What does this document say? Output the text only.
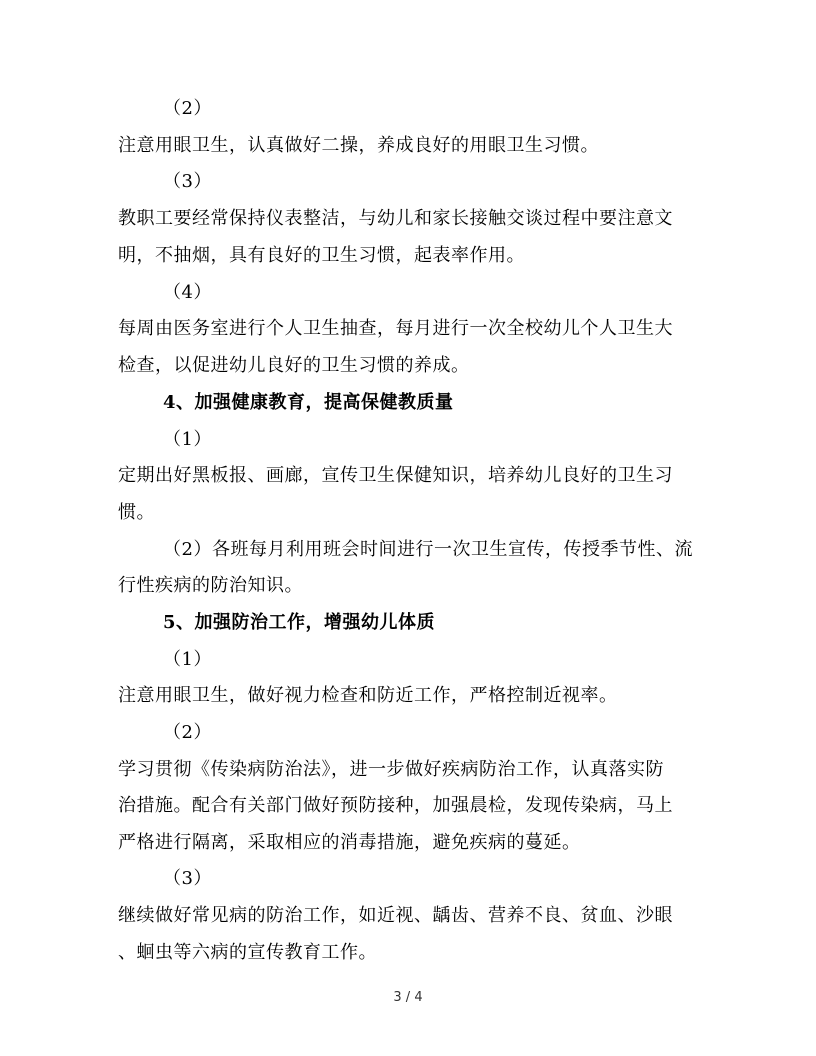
（2）
注意用眼卫生，认真做好二操，养成良好的用眼卫生习惯。
（3）
教职工要经常保持仪表整洁，与幼儿和家长接触交谈过程中要注意文
明，不抽烟，具有良好的卫生习惯，起表率作用。
（4）
每周由医务室进行个人卫生抽查，每月进行一次全校幼儿个人卫生大
检查，以促进幼儿良好的卫生习惯的养成。
4、加强健康教育，提高保健教质量
（1）
定期出好黑板报、画廊，宣传卫生保健知识，培养幼儿良好的卫生习
惯。
（2）各班每月利用班会时间进行一次卫生宣传，传授季节性、流
行性疾病的防治知识。
5、加强防治工作，增强幼儿体质
（1）
注意用眼卫生，做好视力检查和防近工作，严格控制近视率。
（2）
学习贯彻《传染病防治法》，进一步做好疾病防治工作，认真落实防
治措施。配合有关部门做好预防接种，加强晨检，发现传染病，马上
严格进行隔离，采取相应的消毒措施，避免疾病的蔓延。
（3）
继续做好常见病的防治工作，如近视、龋齿、营养不良、贫血、沙眼
、蛔虫等六病的宣传教育工作。
3 / 4
